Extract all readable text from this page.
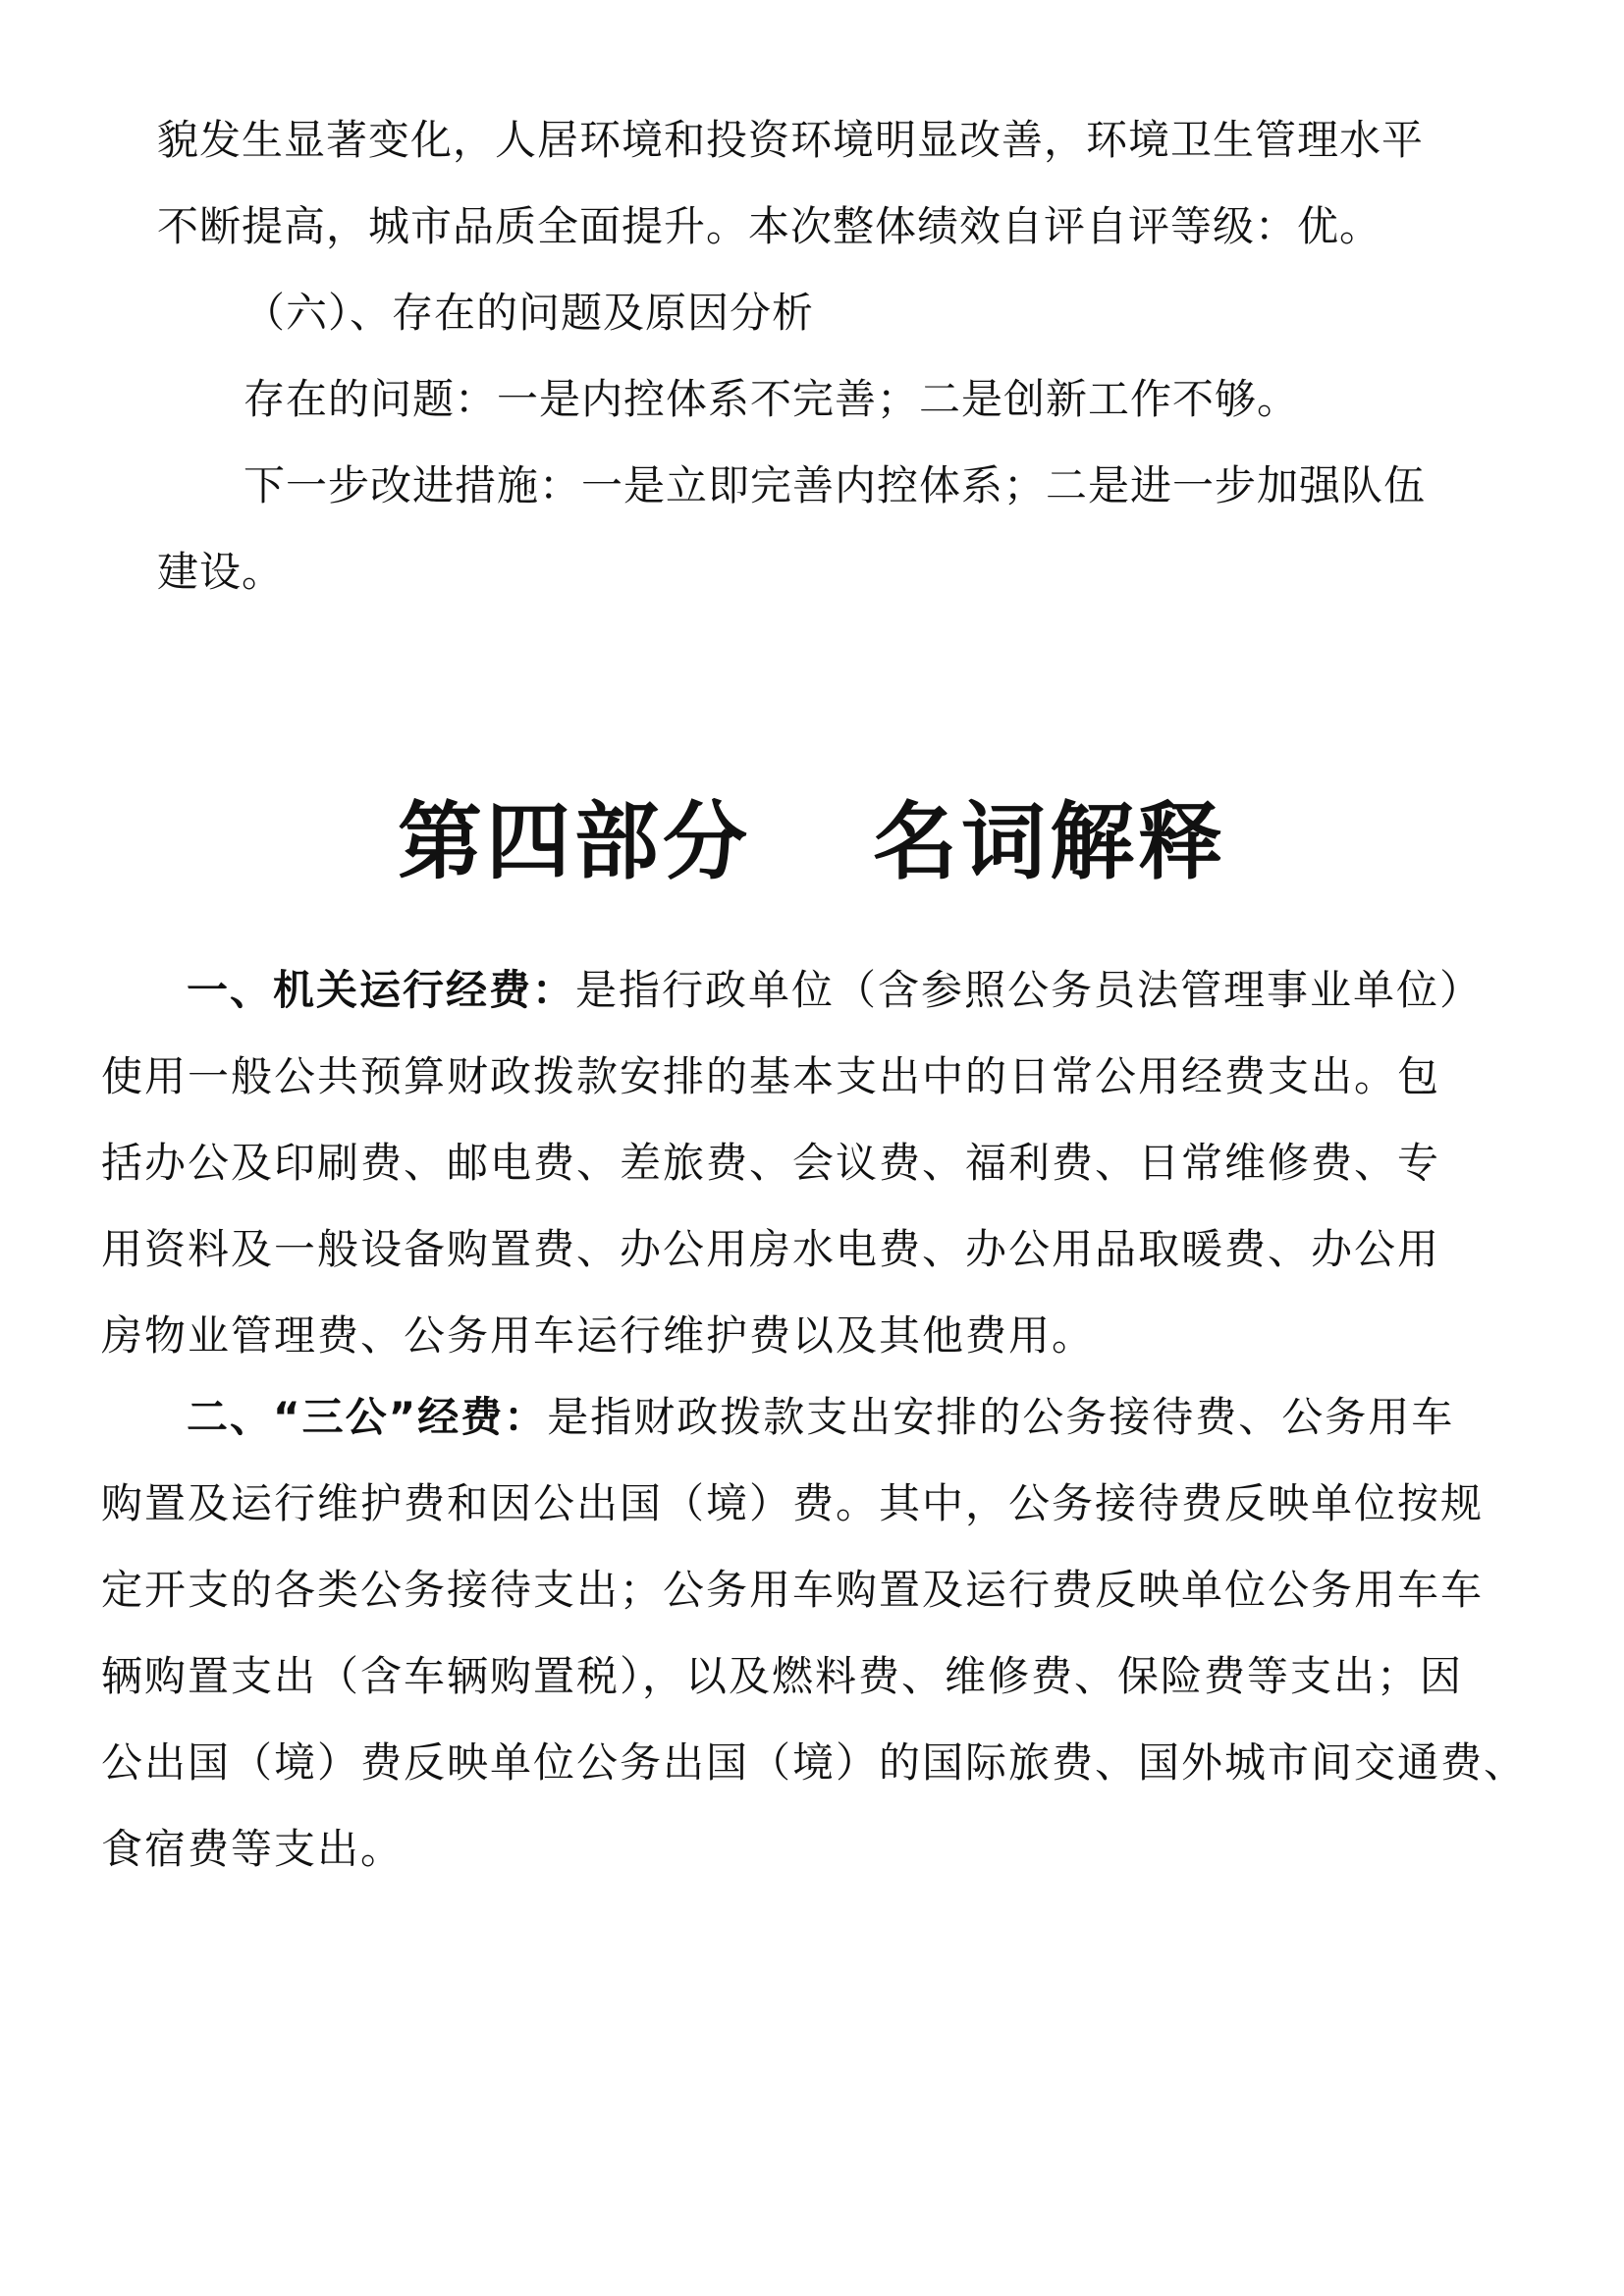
貌发生显著变化，人居环境和投资环境明显改善，环境卫生管理水平
不断提高，城市品质全面提升。本次整体绩效自评自评等级：优。
（六）、存在的问题及原因分析
存在的问题：一是内控体系不完善；二是创新工作不够。
下一步改进措施：一是立即完善内控体系；二是进一步加强队伍
建设。
第四部分　 名词解释
一、机关运行经费：是指行政单位（含参照公务员法管理事业单位）
使用一般公共预算财政拨款安排的基本支出中的日常公用经费支出。包
括办公及印刷费、邮电费、差旅费、会议费、福利费、日常维修费、专
用资料及一般设备购置费、办公用房水电费、办公用品取暖费、办公用
房物业管理费、公务用车运行维护费以及其他费用。
二、“三公”经费：是指财政拨款支出安排的公务接待费、公务用车
购置及运行维护费和因公出国（境）费。其中，公务接待费反映单位按规
定开支的各类公务接待支出；公务用车购置及运行费反映单位公务用车车
辆购置支出（含车辆购置税），以及燃料费、维修费、保险费等支出；因
公出国（境）费反映单位公务出国（境）的国际旅费、国外城市间交通费、
食宿费等支出。
